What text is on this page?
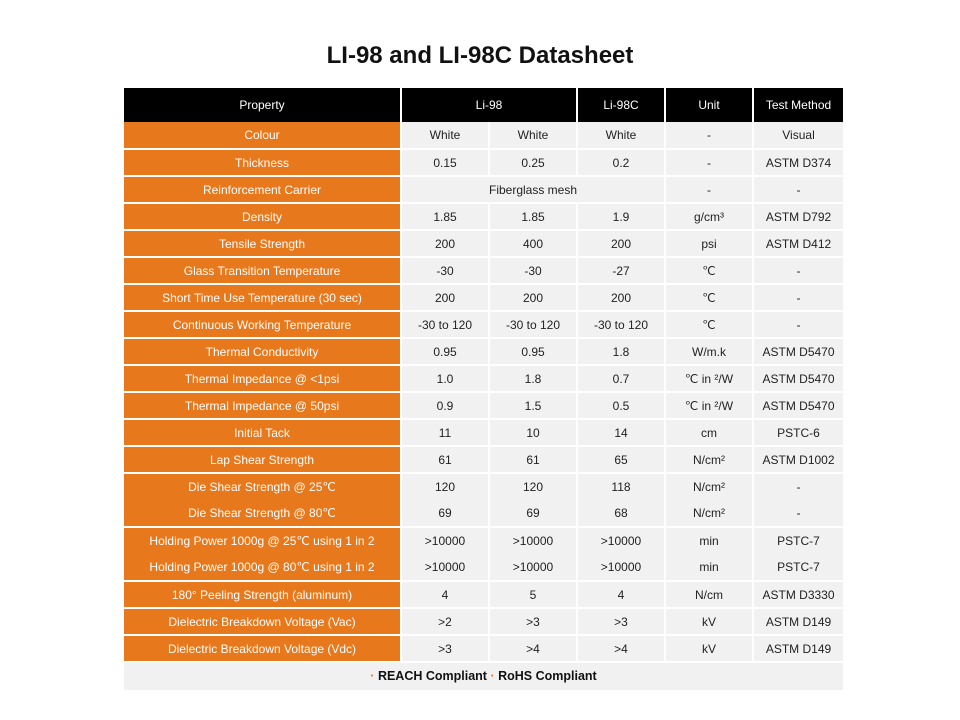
LI-98 and LI-98C Datasheet
Property	Li-98		Li-98C	Unit	Test Method
Colour	White	White	White	-	Visual
Thickness	0.15	0.25	0.2	-	ASTM D374
Reinforcement Carrier	Fiberglass mesh			-	-
Density	1.85	1.85	1.9	g/cm³	ASTM D792
Tensile Strength	200	400	200	psi	ASTM D412
Glass Transition Temperature	-30	-30	-27	℃	-
Short Time Use Temperature (30 sec)	200	200	200	℃	-
Continuous Working Temperature	-30 to 120	-30 to 120	-30 to 120	℃	-
Thermal Conductivity	0.95	0.95	1.8	W/m.k	ASTM D5470
Thermal Impedance @ <1psi	1.0	1.8	0.7	℃ in ²/W	ASTM D5470
Thermal Impedance @ 50psi	0.9	1.5	0.5	℃ in ²/W	ASTM D5470
Initial Tack	11	10	14	cm	PSTC-6
Lap Shear Strength	61	61	65	N/cm²	ASTM D1002
Die Shear Strength @ 25℃	120	120	118	N/cm²	-
Die Shear Strength @ 80℃	69	69	68	N/cm²	-
Holding Power 1000g @ 25℃ using 1 in 2	>10000	>10000	>10000	min	PSTC-7
Holding Power 1000g @ 80℃ using 1 in 2	>10000	>10000	>10000	min	PSTC-7
180° Peeling Strength (aluminum)	4	5	4	N/cm	ASTM D3330
Dielectric Breakdown Voltage (Vac)	>2	>3	>3	kV	ASTM D149
Dielectric Breakdown Voltage (Vdc)	>3	>4	>4	kV	ASTM D149
· REACH Compliant · RoHS Compliant
